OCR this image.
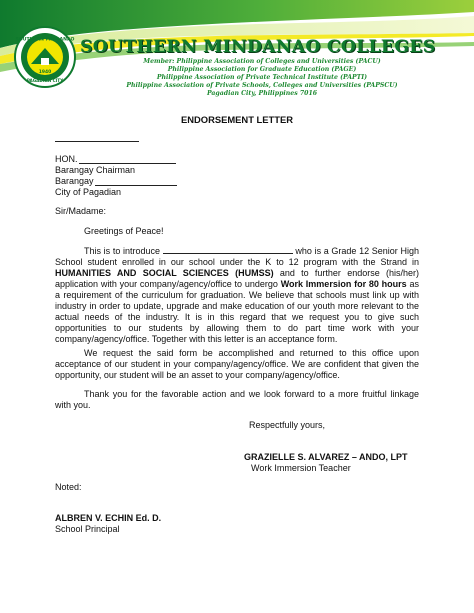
SOUTHERN MINDANAO
1940
PAGADIAN CITY
SOUTHERN MINDANAO COLLEGES
Member: Philippine Association of Colleges and Universities (PACU)
Philippine Association for Graduate Education (PAGE)
Philippine Association of Private Technical Institute (PAPTI)
Philippine Association of Private Schools, Colleges and Universities (PAPSCU)
Pagadian City, Philippines 7016
ENDORSEMENT LETTER
HON.
Barangay Chairman
Barangay
City of Pagadian
Sir/Madame:
Greetings of Peace!
This is to introduce	who is a Grade 12 Senior High School student enrolled in our school under the K to 12 program with the Strand in HUMANITIES AND SOCIAL SCIENCES (HUMSS) and to further endorse (his/her) application with your company/agency/office to undergo Work Immersion for 80 hours as a requirement of the curriculum for graduation. We believe that schools must link up with industry in order to update, upgrade and make education of our youth more relevant to the actual needs of the industry. It is in this regard that we request you to give such opportunities to our students by allowing them to do part time work with your company/agency/office. Together with this letter is an acceptance form.
We request the said form be accomplished and returned to this office upon acceptance of our student in your company/agency/office. We are confident that given the opportunity, our student will be an asset to your company/agency/office.
Thank you for the favorable action and we look forward to a more fruitful linkage with you.
Respectfully yours,
GRAZIELLE S. ALVAREZ – ANDO, LPT
Work Immersion Teacher
Noted:
ALBREN V. ECHIN Ed. D.
School Principal
